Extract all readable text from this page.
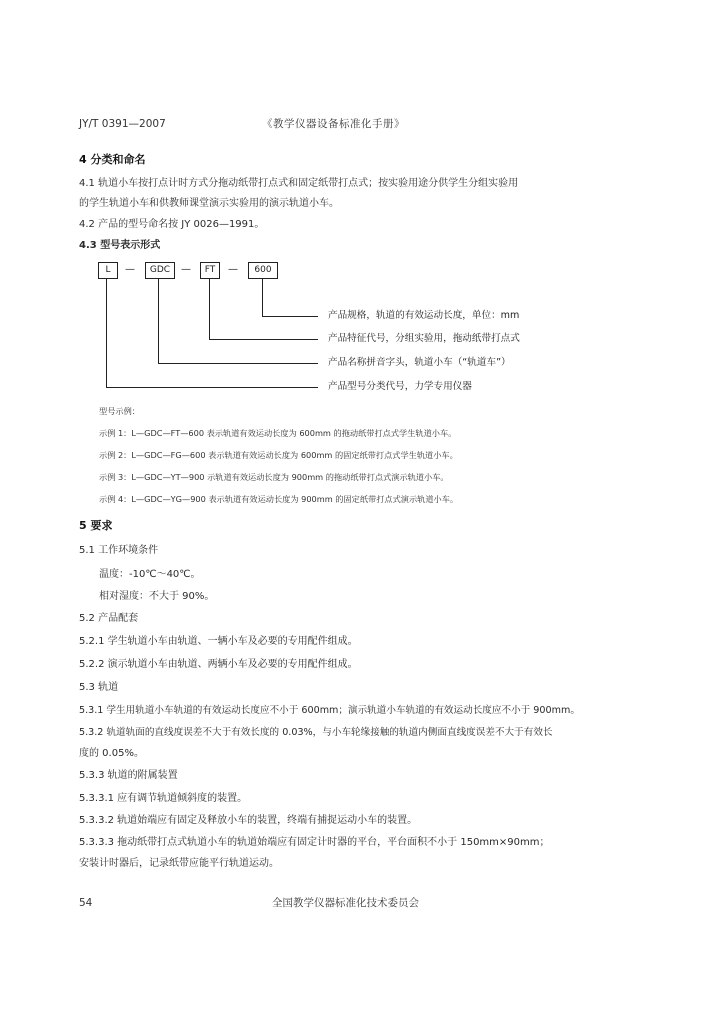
JY/T 0391—2007	《教学仪器设备标准化手册》
4 分类和命名
4.1 轨道小车按打点计时方式分拖动纸带打点式和固定纸带打点式；按实验用途分供学生分组实验用
的学生轨道小车和供教师课堂演示实验用的演示轨道小车。
4.2 产品的型号命名按 JY 0026—1991。
4.3 型号表示形式
L	—	GDC	—	FT	—	600
产品规格，轨道的有效运动长度，单位：mm
产品特征代号，分组实验用，拖动纸带打点式
产品名称拼音字头，轨道小车（“轨道车”）
产品型号分类代号，力学专用仪器
型号示例：
示例 1：L—GDC—FT—600 表示轨道有效运动长度为 600mm 的拖动纸带打点式学生轨道小车。
示例 2：L—GDC—FG—600 表示轨道有效运动长度为 600mm 的固定纸带打点式学生轨道小车。
示例 3：L—GDC—YT—900 示轨道有效运动长度为 900mm 的拖动纸带打点式演示轨道小车。
示例 4：L—GDC—YG—900 表示轨道有效运动长度为 900mm 的固定纸带打点式演示轨道小车。
5 要求
5.1 工作环境条件
温度：-10℃～40℃。
相对湿度：不大于 90%。
5.2 产品配套
5.2.1 学生轨道小车由轨道、一辆小车及必要的专用配件组成。
5.2.2 演示轨道小车由轨道、两辆小车及必要的专用配件组成。
5.3 轨道
5.3.1 学生用轨道小车轨道的有效运动长度应不小于 600mm；演示轨道小车轨道的有效运动长度应不小于 900mm。
5.3.2 轨道轨面的直线度误差不大于有效长度的 0.03%，与小车轮缘接触的轨道内侧面直线度误差不大于有效长
度的 0.05%。
5.3.3 轨道的附属装置
5.3.3.1 应有调节轨道倾斜度的装置。
5.3.3.2 轨道始端应有固定及释放小车的装置，终端有捕捉运动小车的装置。
5.3.3.3 拖动纸带打点式轨道小车的轨道始端应有固定计时器的平台，平台面积不小于 150mm×90mm；
安装计时器后，记录纸带应能平行轨道运动。
54	全国教学仪器标准化技术委员会
